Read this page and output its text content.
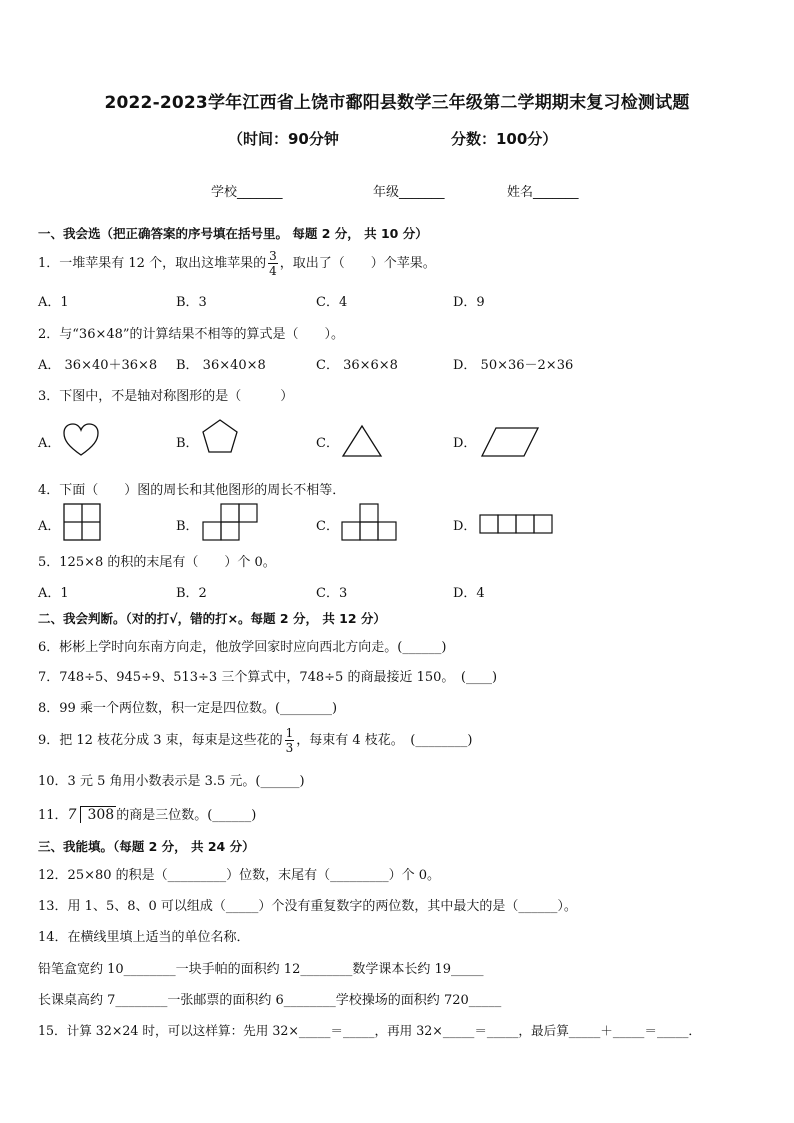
2022-2023学年江西省上饶市鄱阳县数学三年级第二学期期末复习检测试题
（时间：90分钟	分数：100分）
学校_______	年级_______	姓名_______
一、我会选（把正确答案的序号填在括号里。 每题 2 分， 共 10 分）
1．一堆苹果有 12 个，取出这堆苹果的 $\frac{3}{4}$ ，取出了（　　）个苹果。
A．1	B．3	C．4	D．9
2．与“36×48”的计算结果不相等的算式是（　　）。
A． 36×40＋36×8 B． 36×40×8	C． 36×6×8	D． 50×36－2×36
3．下图中，不是轴对称图形的是（　　　）
A．	B．	C．	D．
4．下面（　　）图的周长和其他图形的周长不相等．
A．	B．	C．	D．
5．125×8 的积的末尾有（　　）个 0。
A．1	B．2	C．3	D．4
二、我会判断。（对的打√，错的打×。每题 2 分， 共 12 分）
6．彬彬上学时向东南方向走，他放学回家时应向西北方向走。(______)
7．748÷5、945÷9、513÷3 三个算式中，748÷5 的商最接近 150。　(____)
8．99 乘一个两位数，积一定是四位数。(________)
9．把 12 枝花分成 3 束，每束是这些花的 $\frac{1}{3}$ ，每束有 4 枝花。　(________)
10．3 元 5 角用小数表示是 3.5 元。(______)
11．7 308 的商是三位数。(______)
三、我能填。（每题 2 分， 共 24 分）
12．25×80 的积是（_________）位数，末尾有（_________）个 0。
13．用 1、5、8、0 可以组成（_____）个没有重复数字的两位数，其中最大的是（______）。
14．在横线里填上适当的单位名称．
铅笔盒宽约 10________一块手帕的面积约 12________数学课本长约 19_____
长课桌高约 7________一张邮票的面积约 6________学校操场的面积约 720_____
15．计算 32×24 时，可以这样算：先用 32×_____＝_____，再用 32×_____＝_____，最后算_____＋_____＝_____．
